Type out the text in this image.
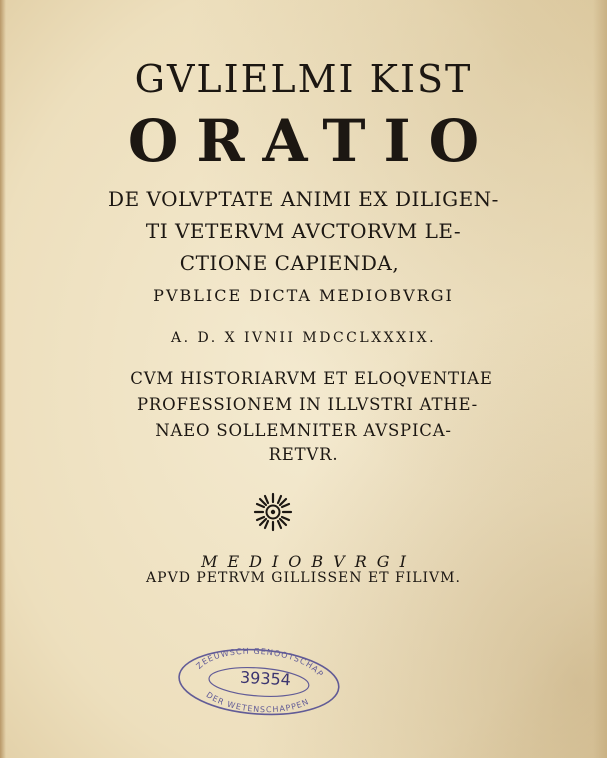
GVLIELMI KIST
ORATIO
DE VOLVPTATE ANIMI EX DILIGEN-
TI VETERVM AVCTORVM LE-
CTIONE CAPIENDA,
PVBLICE DICTA MEDIOBVRGI
A. D. X IVNII MDCCLXXXIX.
CVM HISTORIARVM ET ELOQVENTIAE
PROFESSIONEM IN ILLVSTRI ATHE-
NAEO SOLLEMNITER AVSPICA-
RETVR.
MEDIOBVRGI
APVD PETRVM GILLISSEN ET FILIVM.
ZEEUWSCH GENOOTSCHAP
DER WETENSCHAPPEN
39354
